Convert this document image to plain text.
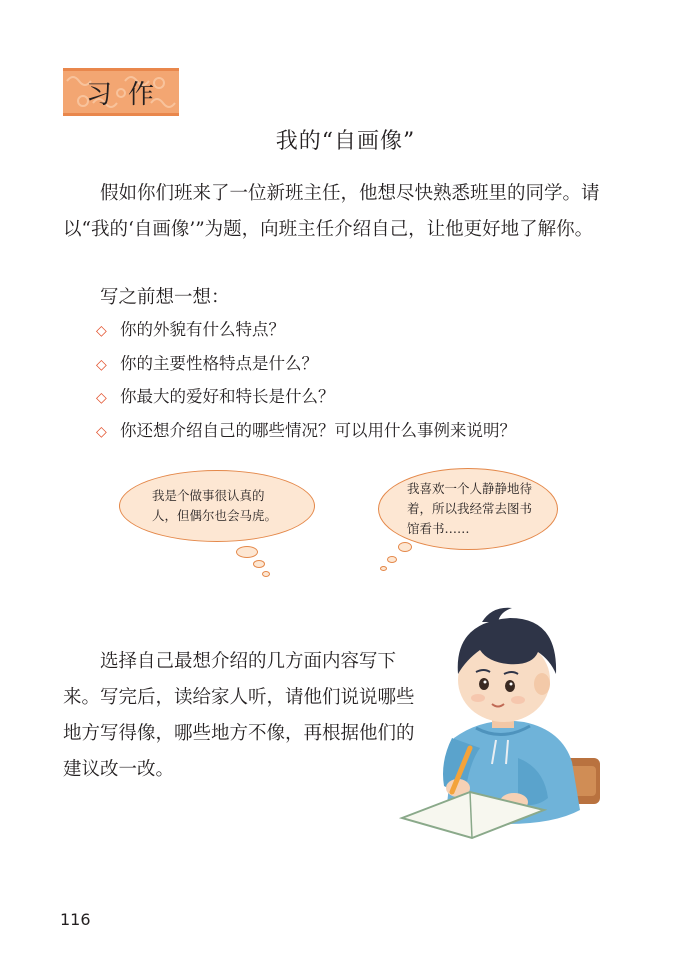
习作
我的“自画像”

假如你们班来了一位新班主任，他想尽快熟悉班里的同学。请以“我的‘自画像’”为题，向班主任介绍自己，让他更好地了解你。

写之前想一想：

◇ 你的外貌有什么特点？
◇ 你的主要性格特点是什么？
◇ 你最大的爱好和特长是什么？
◇ 你还想介绍自己的哪些情况？可以用什么事例来说明？
我是个做事很认真的人，但偶尔也会马虎。
我喜欢一个人静静地待着，所以我经常去图书馆看书……

选择自己最想介绍的几方面内容写下来。写完后，读给家人听，请他们说说哪些地方写得像，哪些地方不像，再根据他们的建议改一改。

116
